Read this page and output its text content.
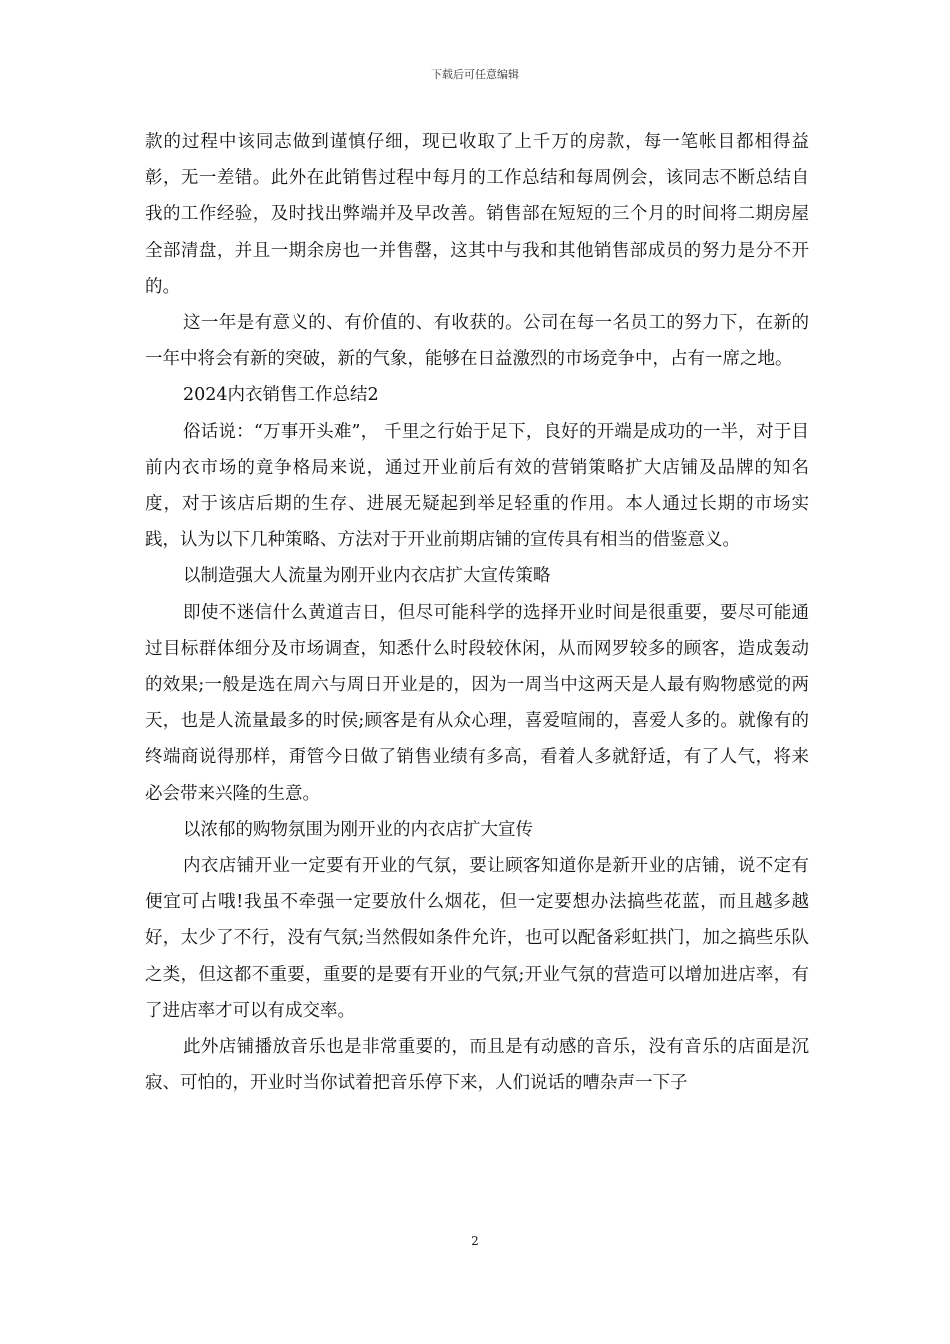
下载后可任意编辑

款的过程中该同志做到谨慎仔细，现已收取了上千万的房款，每一笔帐目都相得益彰，无一差错。此外在此销售过程中每月的工作总结和每周例会，该同志不断总结自我的工作经验，及时找出弊端并及早改善。销售部在短短的三个月的时间将二期房屋全部清盘，并且一期余房也一并售罄，这其中与我和其他销售部成员的努力是分不开的。

这一年是有意义的、有价值的、有收获的。公司在每一名员工的努力下，在新的一年中将会有新的突破，新的气象，能够在日益激烈的市场竞争中，占有一席之地。

2024内衣销售工作总结2

俗话说：“万事开头难”， 千里之行始于足下，良好的开端是成功的一半，对于目前内衣市场的竟争格局来说，通过开业前后有效的营销策略扩大店铺及品牌的知名度，对于该店后期的生存、进展无疑起到举足轻重的作用。本人通过长期的市场实践，认为以下几种策略、方法对于开业前期店铺的宣传具有相当的借鉴意义。

以制造强大人流量为刚开业内衣店扩大宣传策略

即使不迷信什么黄道吉日，但尽可能科学的选择开业时间是很重要，要尽可能通过目标群体细分及市场调查，知悉什么时段较休闲，从而网罗较多的顾客，造成轰动的效果;一般是选在周六与周日开业是的，因为一周当中这两天是人最有购物感觉的两天，也是人流量最多的时侯;顾客是有从众心理，喜爱喧闹的，喜爱人多的。就像有的终端商说得那样，甭管今日做了销售业绩有多高，看着人多就舒适，有了人气，将来必会带来兴隆的生意。

以浓郁的购物氛围为刚开业的内衣店扩大宣传

内衣店铺开业一定要有开业的气氛，要让顾客知道你是新开业的店铺，说不定有便宜可占哦!我虽不牵强一定要放什么烟花，但一定要想办法搞些花蓝，而且越多越好，太少了不行，没有气氛;当然假如条件允许，也可以配备彩虹拱门，加之搞些乐队之类，但这都不重要，重要的是要有开业的气氛;开业气氛的营造可以增加进店率，有了进店率才可以有成交率。

此外店铺播放音乐也是非常重要的，而且是有动感的音乐，没有音乐的店面是沉寂、可怕的，开业时当你试着把音乐停下来，人们说话的嘈杂声一下子

2
